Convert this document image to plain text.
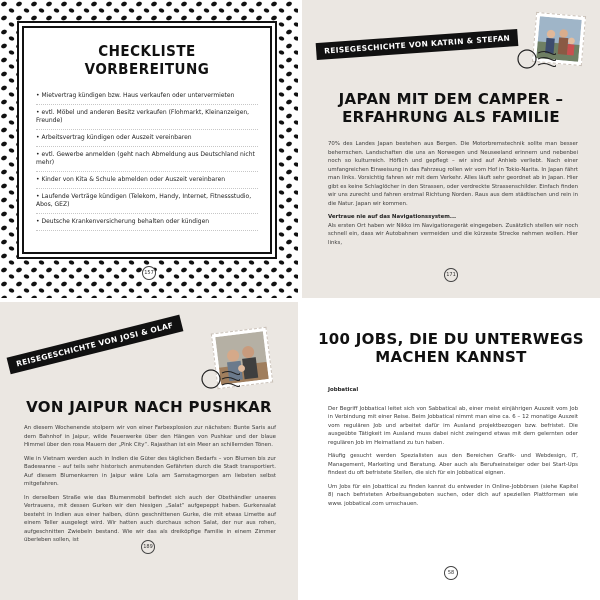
CHECKLISTE VORBEREITUNG
• Mietvertrag kündigen bzw. Haus verkaufen oder untervermieten
• evtl. Möbel und anderen Besitz verkaufen (Flohmarkt, Kleinanzeigen, Freunde)
• Arbeitsvertrag kündigen oder Auszeit vereinbaren
• evtl. Gewerbe anmelden (geht nach Abmeldung aus Deutschland nicht mehr)
• Kinder von Kita & Schule abmelden oder Auszeit vereinbaren
• Laufende Verträge kündigen (Telekom, Handy, Internet, Fitnessstudio, Abos, GEZ)
• Deutsche Krankenversicherung behalten oder kündigen
157
REISEGESCHICHTE VON KATRIN & STEFAN
JAPAN MIT DEM CAMPER –
ERFAHRUNG ALS FAMILIE

70% des Landes Japan bestehen aus Bergen. Die Motorbremstechnik sollte man besser beherrschen. Landschaften die uns an Norwegen und Neuseeland erinnern und nebenbei noch so kulturreich. Höflich und gepflegt – wir sind auf Anhieb verliebt. Nach einer umfangreichen Einweisung in das Fahrzeug rollen wir vom Hof in Tokio-Narita. In Japan fährt man links. Vorsichtig fahren wir mit dem Verkehr. Alles läuft sehr geordnet ab in Japan. Hier gibt es keine Schlaglöcher in den Strassen, oder verdreckte Strassenschilder. Einfach finden wir uns zurecht und fahren erstmal Richtung Norden. Raus aus dem städtischen und rein in die Natur. Japan wir kommen.

Vertraue nie auf das Navigationssystem...

Als ersten Ort haben wir Nikko im Navigationsgerät eingegeben. Zusätzlich stellen wir noch schnell ein, dass wir Autobahnen vermeiden und die kürzeste Strecke nehmen wollen. Hier links,

171
REISEGESCHICHTE VON JOSI & OLAF
VON JAIPUR NACH PUSHKAR

An diesem Wochenende stolpern wir von einer Farbexplosion zur nächsten: Bunte Saris auf dem Bahnhof in Jaipur, wilde Feuerwerke über den Hängen von Pushkar und der blaue Himmel über den rosa Mauern der „Pink City“. Rajasthan ist ein Meer an schillernden Tönen.

Wie in Vietnam werden auch in Indien die Güter des täglichen Bedarfs – von Blumen bis zur Badewanne – auf teils sehr historisch anmutenden Gefährten durch die Stadt transportiert. Auf diesem Blumenkarren in Jaipur wäre Lola am Samstagmorgen am liebsten selbst mitgefahren.

In derselben Straße wie das Blumenmobil befindet sich auch der Obsthändler unseres Vertrauens, mit dessen Gurken wir den hiesigen „Salat“ aufgepeppt haben. Gurkensalat besteht in Indien aus einer halben, dünn geschnittenen Gurke, die mit etwas Limette auf einem Teller ausgelegt wird. Wir hatten auch durchaus schon Salat, der nur aus rohen, aufgeschnitten Zwiebeln bestand. Wie wir das als dreiköpfige Familie in einem Zimmer überleben sollen, ist

189
100 JOBS, DIE DU UNTERWEGS
MACHEN KANNST
Jobbatical

Der Begriff Jobbatical leitet sich von Sabbatical ab, einer meist einjährigen Auszeit vom Job in Verbindung mit einer Reise. Beim Jobbatical nimmt man eine ca. 6 – 12 monatige Auszeit vom regulären Job und arbeitet dafür im Ausland projektbezogen bzw. befristet. Die ausgeübte Tätigkeit im Ausland muss dabei nicht zwingend etwas mit dem gelernten oder regulären Job im Heimatland zu tun haben.

Häufig gesucht werden Spezialisten aus den Bereichen Grafik- und Webdesign, IT, Management, Marketing und Beratung. Aber auch als Berufseinsteiger oder bei Start-Ups findest du oft befristete Stellen, die sich für ein Jobbatical eignen.

Um Jobs für ein Jobattical zu finden kannst du entweder in Online-Jobbörsen (siehe Kapitel 8) nach befristeten Arbeitsangeboten suchen, oder dich auf speziellen Plattformen wie www. jobbatical.com umschauen.

58
